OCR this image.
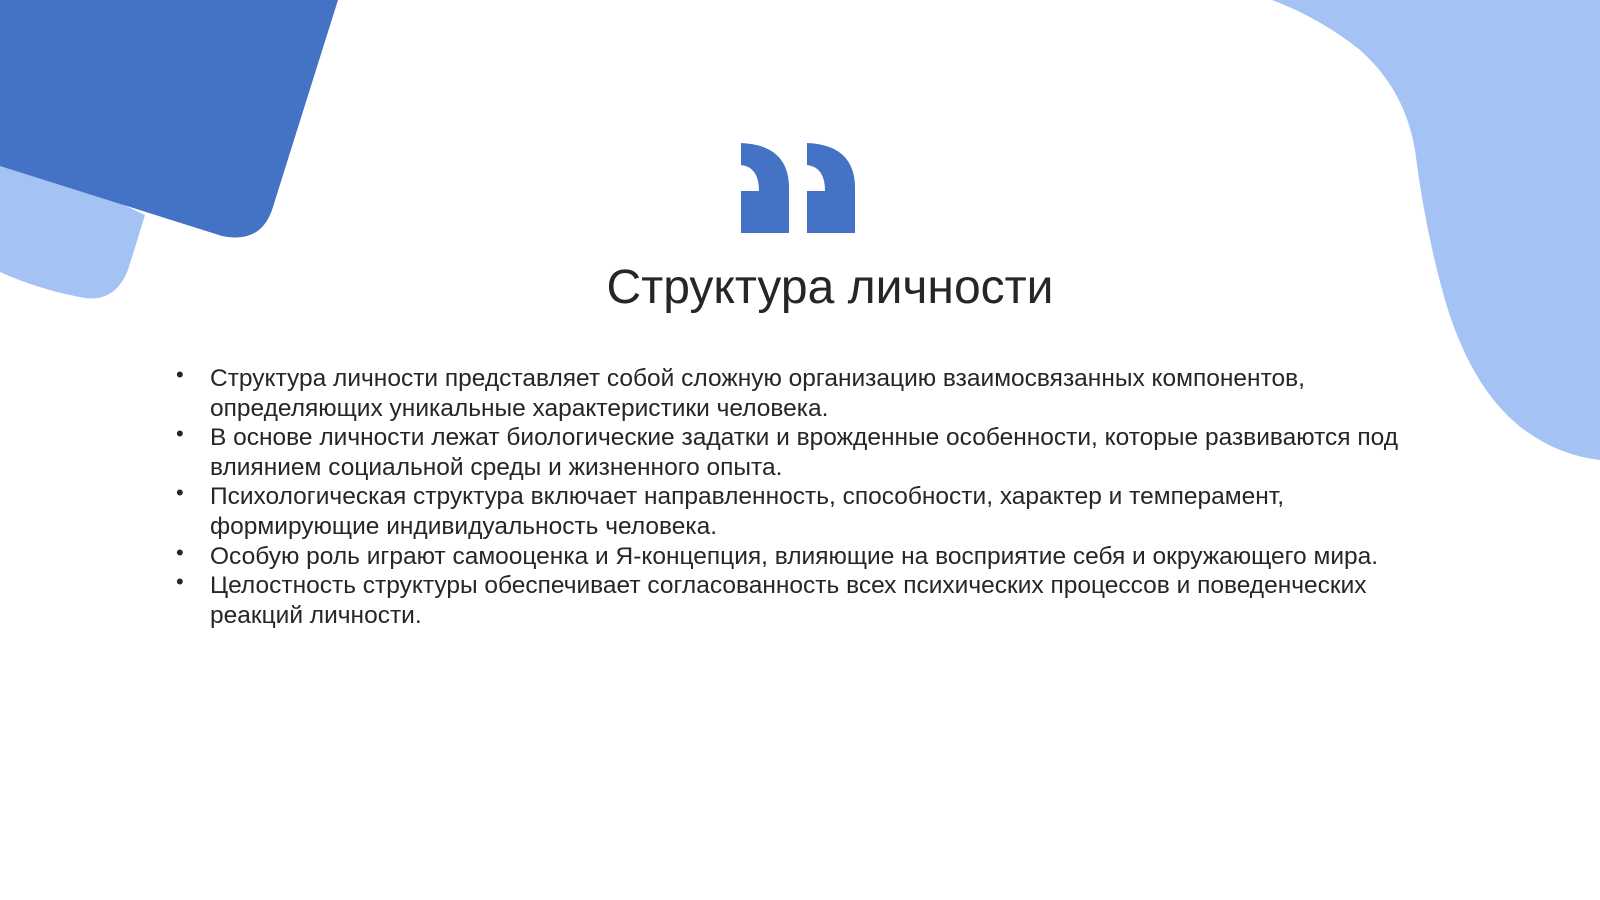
Структура личности
• Структура личности представляет собой сложную организацию взаимосвязанных компонентов, определяющих уникальные характеристики человека.
• В основе личности лежат биологические задатки и врожденные особенности, которые развиваются под влиянием социальной среды и жизненного опыта.
• Психологическая структура включает направленность, способности, характер и темперамент, формирующие индивидуальность человека.
• Особую роль играют самооценка и Я-концепция, влияющие на восприятие себя и окружающего мира.
• Целостность структуры обеспечивает согласованность всех психических процессов и поведенческих реакций личности.
